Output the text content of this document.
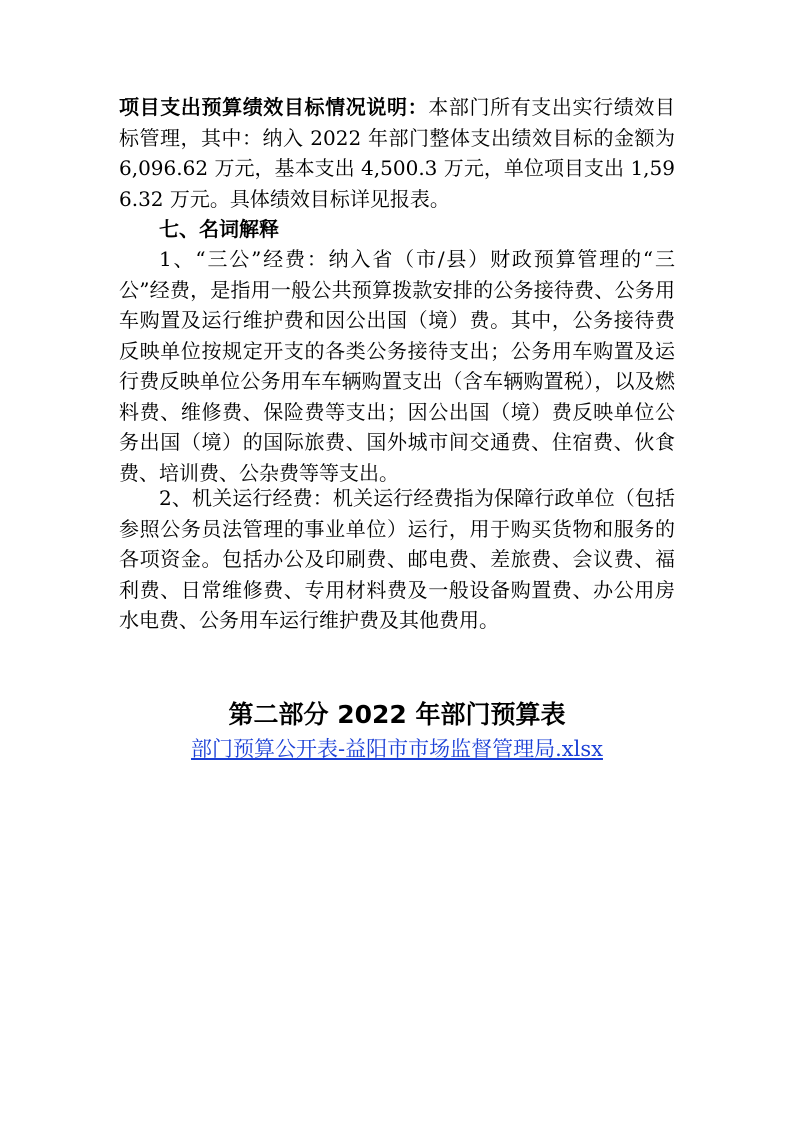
项目支出预算绩效目标情况说明：本部门所有支出实行绩效目标管理，其中：纳入 2022 年部门整体支出绩效目标的金额为 6,096.62 万元，基本支出 4,500.3 万元，单位项目支出 1,596.32 万元。具体绩效目标详见报表。

七、名词解释

1、“三公”经费：纳入省（市/县）财政预算管理的“三公”经费，是指用一般公共预算拨款安排的公务接待费、公务用车购置及运行维护费和因公出国（境）费。其中，公务接待费反映单位按规定开支的各类公务接待支出；公务用车购置及运行费反映单位公务用车车辆购置支出（含车辆购置税），以及燃料费、维修费、保险费等支出；因公出国（境）费反映单位公务出国（境）的国际旅费、国外城市间交通费、住宿费、伙食费、培训费、公杂费等等支出。

2、机关运行经费：机关运行经费指为保障行政单位（包括参照公务员法管理的事业单位）运行，用于购买货物和服务的各项资金。包括办公及印刷费、邮电费、差旅费、会议费、福利费、日常维修费、专用材料费及一般设备购置费、办公用房水电费、公务用车运行维护费及其他费用。

第二部分 2022 年部门预算表
部门预算公开表-益阳市市场监督管理局.xlsx
